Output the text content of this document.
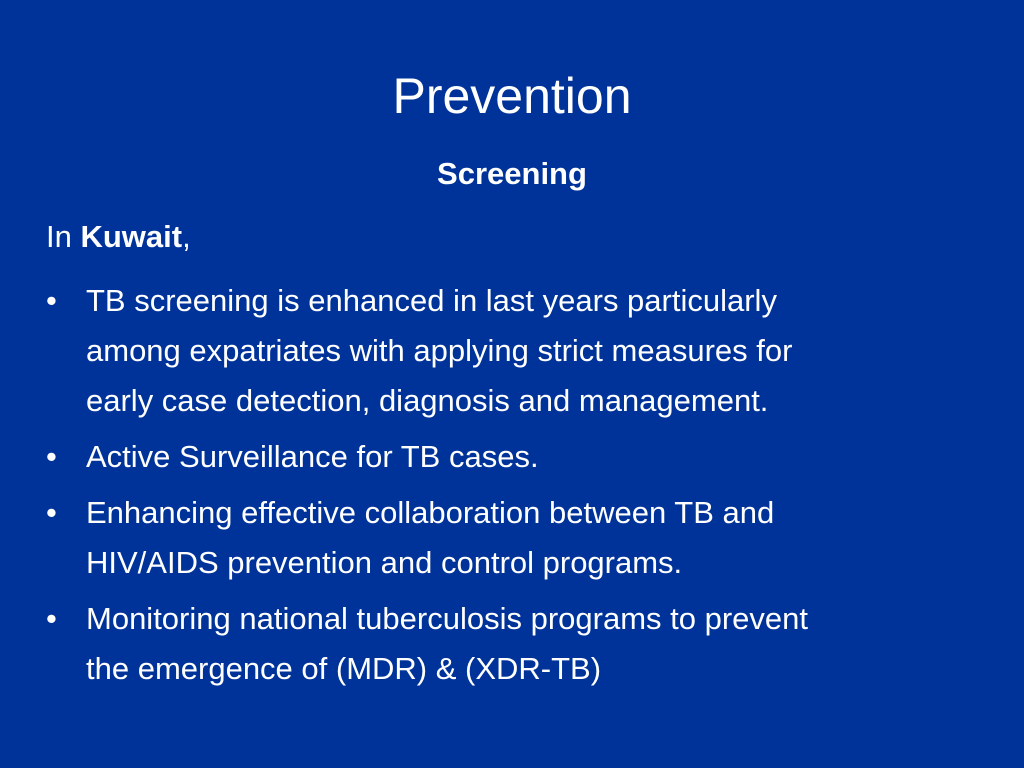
Prevention
Screening

In Kuwait,

• TB screening is enhanced in last years particularly
among expatriates with applying strict measures for
early case detection, diagnosis and management.
• Active Surveillance for TB cases.
• Enhancing effective collaboration between TB and
HIV/AIDS prevention and control programs.
• Monitoring national tuberculosis programs to prevent
the emergence of (MDR) & (XDR-TB)
